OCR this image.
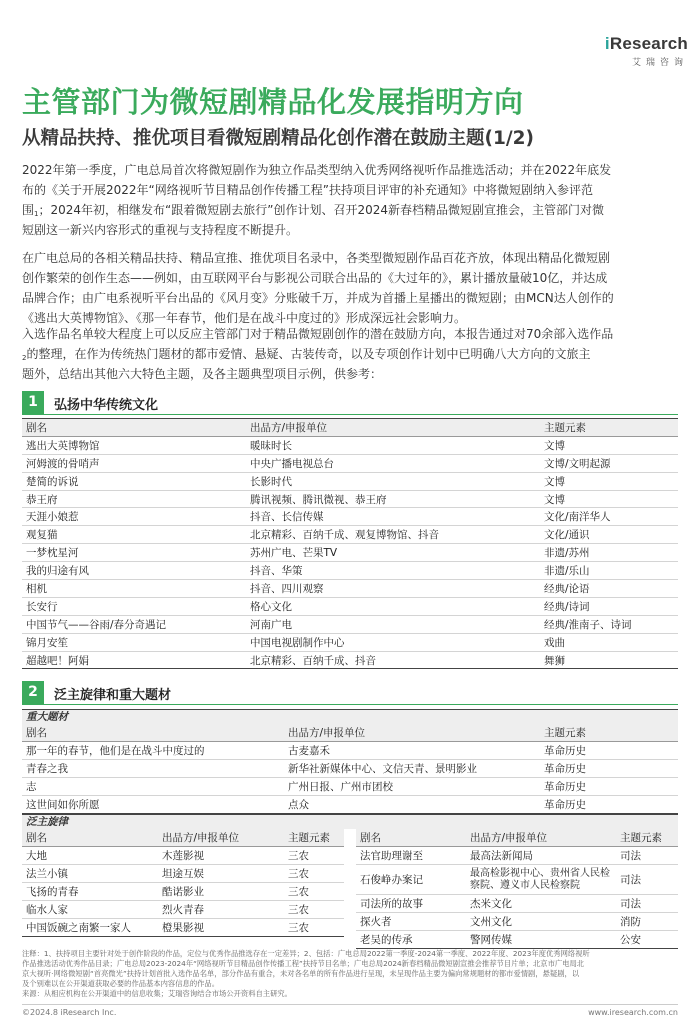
iResearch
艾瑞咨询
主管部门为微短剧精品化发展指明方向
从精品扶持、推优项目看微短剧精品化创作潜在鼓励主题(1/2)
2022年第一季度，广电总局首次将微短剧作为独立作品类型纳入优秀网络视听作品推选活动；并在2022年底发
布的《关于开展2022年“网络视听节目精品创作传播工程”扶持项目评审的补充通知》中将微短剧纳入参评范
围$^1$；2024年初，相继发布“跟着微短剧去旅行”创作计划、召开2024新春档精品微短剧宣推会，主管部门对微
短剧这一新兴内容形式的重视与支持程度不断提升。
在广电总局的各相关精品扶持、精品宣推、推优项目名录中，各类型微短剧作品百花齐放，体现出精品化微短剧
创作繁荣的创作生态——例如，由互联网平台与影视公司联合出品的《大过年的》，累计播放量破10亿，并达成
品牌合作；由广电系视听平台出品的《风月变》分账破千万，并成为首播上星播出的微短剧；由MCN达人创作的
《逃出大英博物馆》、《那一年春节，他们是在战斗中度过的》形成深远社会影响力。
入选作品名单较大程度上可以反应主管部门对于精品微短剧创作的潜在鼓励方向，本报告通过对70余部入选作品
$^2$的整理，在作为传统热门题材的都市爱情、悬疑、古装传奇，以及专项创作计划中已明确八大方向的文旅主
题外，总结出其他六大特色主题，及各主题典型项目示例，供参考：
1	弘扬中华传统文化
剧名	出品方/申报单位	主题元素
逃出大英博物馆	暖昧时长	文博
河姆渡的骨哨声	中央广播电视总台	文博/文明起源
楚简的诉说	长影时代	文博
恭王府	腾讯视频、腾讯微视、恭王府	文博
天涯小娘惹	抖音、长信传媒	文化/南洋华人
观复猫	北京精彩、百纳千成、观复博物馆、抖音	文化/通识
一梦枕星河	苏州广电、芒果TV	非遗/苏州
我的归途有风	抖音、华策	非遗/乐山
相机	抖音、四川观察	经典/论语
长安行	格心文化	经典/诗词
中国节气——谷雨/春分奇遇记	河南广电	经典/淮南子、诗词
锦月安笙	中国电视剧制作中心	戏曲
超越吧！阿娟	北京精彩、百纳千成、抖音	舞狮
2	泛主旋律和重大题材
重大题材
剧名	出品方/申报单位	主题元素
那一年的春节，他们是在战斗中度过的	古麦嘉禾	革命历史
青春之我	新华社新媒体中心、文信天青、景明影业	革命历史
志	广州日报、广州市团校	革命历史
这世间如你所愿	点众	革命历史
泛主旋律
剧名	出品方/申报单位	主题元素
大地	木莲影视	三农
法兰小镇	坦途互娱	三农
飞扬的青春	酷诺影业	三农
临水人家	烈火青春	三农
中国饭碗之南繁一家人	橙果影视	三农
剧名	出品方/申报单位	主题元素
法官助理谢至	最高法新闻局	司法
石俊峥办案记	最高检影视中心、贵州省人民检察院、遵义市人民检察院	司法
司法所的故事	杰米文化	司法
探火者	文州文化	消防
老吴的传承	警网传媒	公安
注释：1、扶持项目主要针对处于创作阶段的作品，定位与优秀作品推选存在一定差异；2、包括：广电总局2022第一季度-2024第一季度、2022年度、2023年度优秀网络视听
作品推选活动优秀作品目录；广电总局2023-2024年“网络视听节目精品创作传播工程”扶持节目名单；广电总局2024新春档精品微短剧宣推会推荐节目片单；北京市广电局北
京大视听·网络微短剧“首亮微光”扶持计划首批入选作品名单，部分作品有重合，未对各名单的所有作品进行呈现，未呈现作品主要为偏向常规题材的都市爱情剧，悬疑剧，以
及个别难以在公开渠道获取必要的作品基本内容信息的作品。
来源：从相应机构在公开渠道中的信息收集；艾瑞咨询结合市场公开资料自主研究。
©2024.8 iResearch Inc.	www.iresearch.com.cn
